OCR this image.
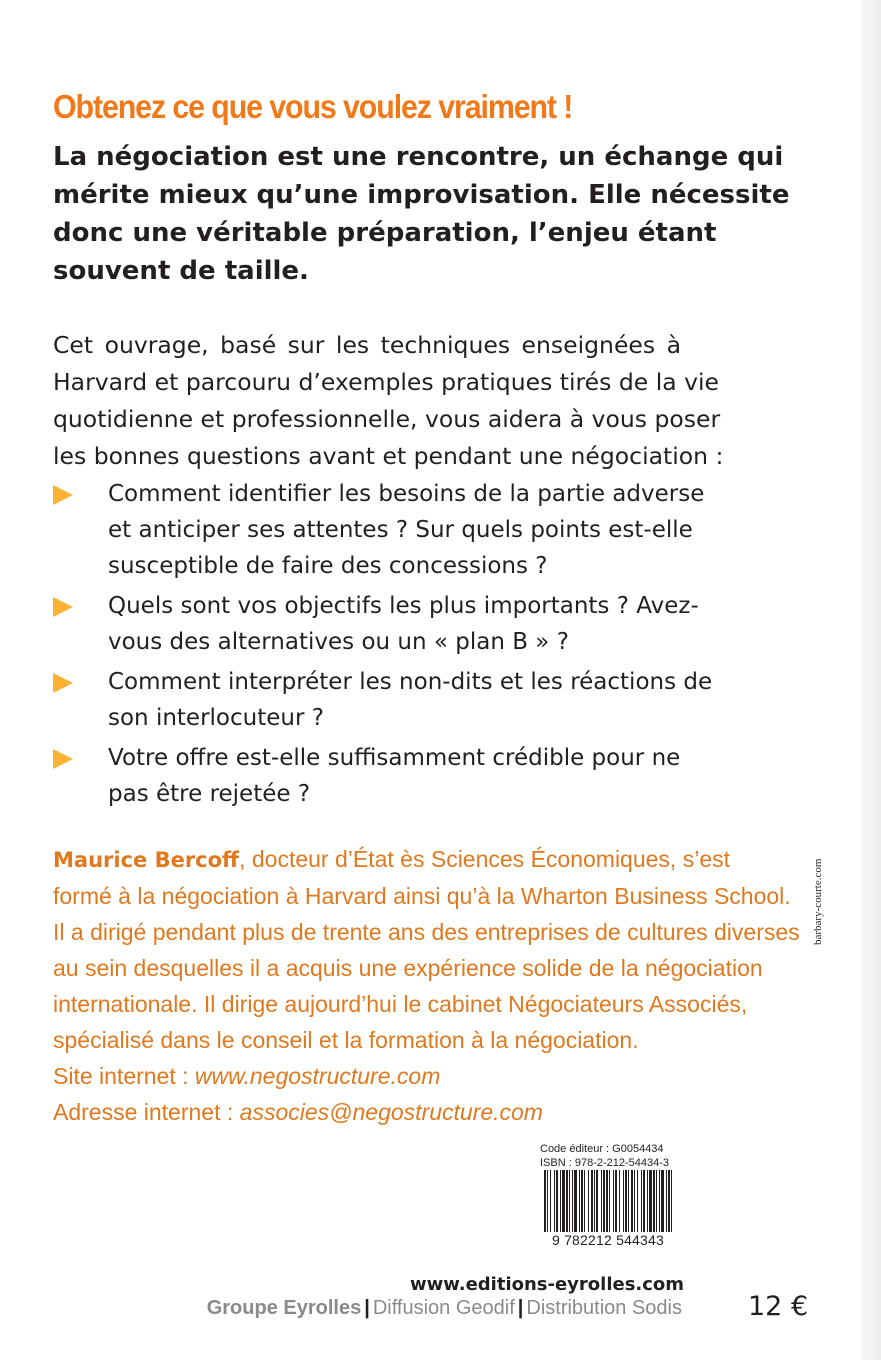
Obtenez ce que vous voulez vraiment !
La négociation est une rencontre, un échange qui
mérite mieux qu’une improvisation. Elle nécessite
donc une véritable préparation, l’enjeu étant
souvent de taille.
Cet ouvrage, basé sur les techniques enseignées à
Harvard et parcouru d’exemples pratiques tirés de la vie
quotidienne et professionnelle, vous aidera à vous poser
les bonnes questions avant et pendant une négociation :
Comment identifier les besoins de la partie adverse
et anticiper ses attentes ? Sur quels points est-elle
susceptible de faire des concessions ?
Quels sont vos objectifs les plus importants ? Avez-
vous des alternatives ou un « plan B » ?
Comment interpréter les non-dits et les réactions de
son interlocuteur ?
Votre offre est-elle suffisamment crédible pour ne
pas être rejetée ?
Maurice Bercoff, docteur d’État ès Sciences Économiques, s’est
formé à la négociation à Harvard ainsi qu’à la Wharton Business School.
Il a dirigé pendant plus de trente ans des entreprises de cultures diverses
au sein desquelles il a acquis une expérience solide de la négociation
internationale. Il dirige aujourd’hui le cabinet Négociateurs Associés,
spécialisé dans le conseil et la formation à la négociation.
Site internet : www.negostructure.com
Adresse internet : associes@negostructure.com
barbary-courte.com
Code éditeur : G0054434
ISBN : 978-2-212-54434-3
9 782212 544343
www.editions-eyrolles.com
Groupe Eyrolles | Diffusion Geodif | Distribution Sodis 12 €
